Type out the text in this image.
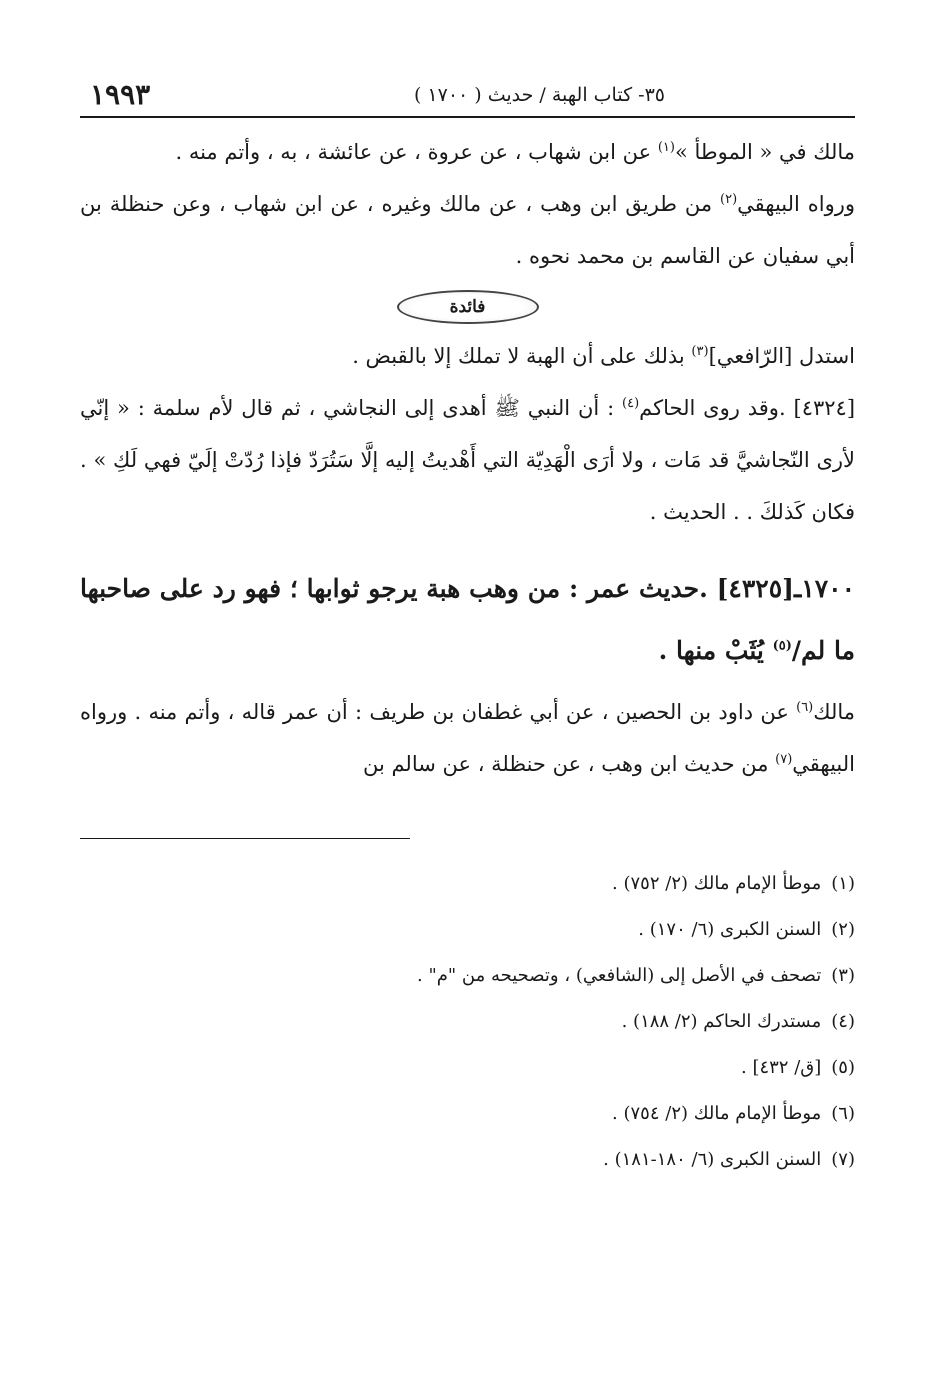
٣٥- كتاب الهبة / حديث ( ١٧٠٠ )
١٩٩٣

مالك في « الموطأ »$^{(١)}$ عن ابن شهاب ، عن عروة ، عن عائشة ، به ، وأتم منه .
ورواه البيهقي$^{(٢)}$ من طريق ابن وهب ، عن مالك وغيره ، عن ابن شهاب ، وعن حنظلة بن أبي سفيان عن القاسم بن محمد نحوه .

فائدة

استدل [الرّافعي]$^{(٣)}$ بذلك على أن الهبة لا تملك إلا بالقبض .

[٤٣٢٤] .وقد روى الحاكم$^{(٤)}$ : أن النبي ﷺ أهدى إلى النجاشي ، ثم قال لأم سلمة : « إنّي لأرى النّجاشيَّ قد مَات ، ولا أرَى الْهَدِيّة التي أَهْديتُ إليه إلَّا سَتُرَدّ فإذا رُدّتْ إلَيّ فهي لَكِ » . فكان كَذلكَ . . الحديث .

١٧٠٠ـ[٤٣٢٥] .حديث عمر : من وهب هبة يرجو ثوابها ؛ فهو رد على صاحبها ما لم/$^{(٥)}$ يُثَبْ منها .

مالك$^{(٦)}$ عن داود بن الحصين ، عن أبي غطفان بن طريف : أن عمر قاله ، وأتم منه . ورواه البيهقي$^{(٧)}$ من حديث ابن وهب ، عن حنظلة ، عن سالم بن

(١)موطأ الإمام مالك (٢/ ٧٥٢) .
(٢)السنن الكبرى (٦/ ١٧٠) .
(٣)تصحف في الأصل إلى (الشافعي) ، وتصحيحه من "م" .
(٤)مستدرك الحاكم (٢/ ١٨٨) .
(٥)[ق/ ٤٣٢] .
(٦)موطأ الإمام مالك (٢/ ٧٥٤) .
(٧)السنن الكبرى (٦/ ١٨٠-١٨١) .
